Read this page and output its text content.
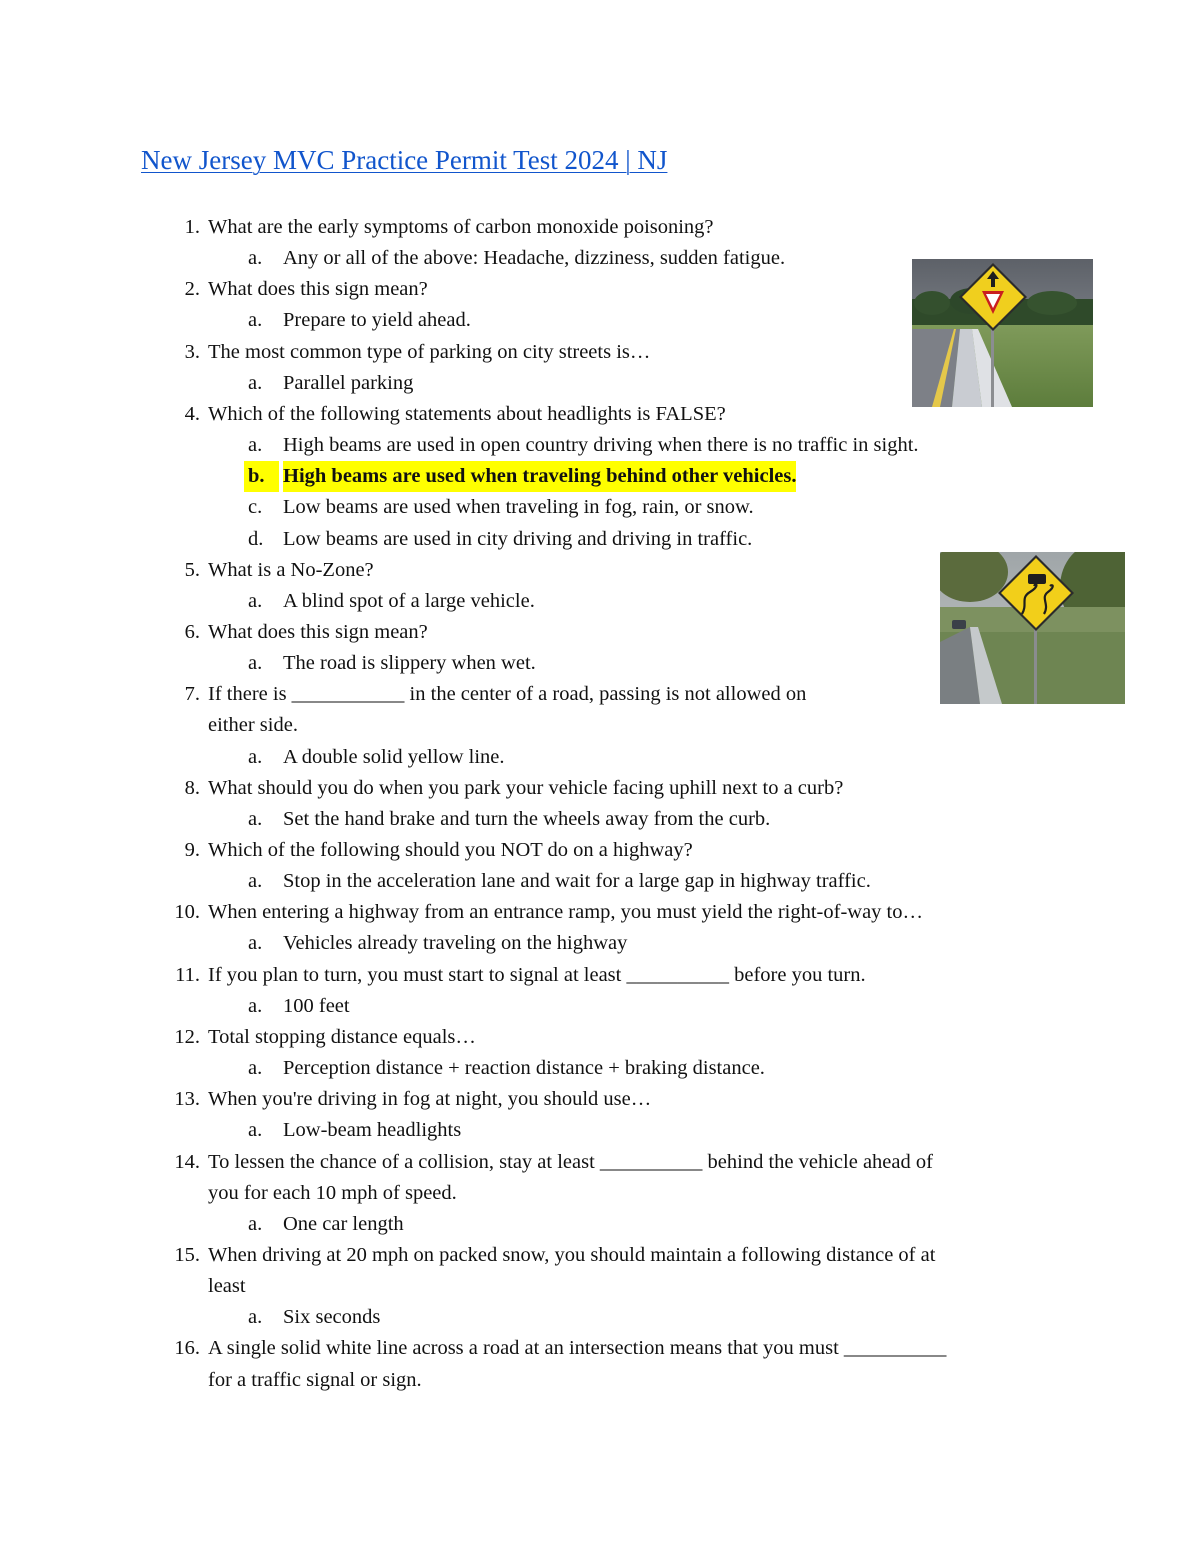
New Jersey MVC Practice Permit Test 2024 | NJ
1. What are the early symptoms of carbon monoxide poisoning?
a. Any or all of the above: Headache, dizziness, sudden fatigue.
2. What does this sign mean?
a. Prepare to yield ahead.
3. The most common type of parking on city streets is…
a. Parallel parking
4. Which of the following statements about headlights is FALSE?
a. High beams are used in open country driving when there is no traffic in sight.
b. High beams are used when traveling behind other vehicles.
c. Low beams are used when traveling in fog, rain, or snow.
d. Low beams are used in city driving and driving in traffic.
5. What is a No-Zone?
a. A blind spot of a large vehicle.
6. What does this sign mean?
a. The road is slippery when wet.
7. If there is ___________ in the center of a road, passing is not allowed on
either side.
a. A double solid yellow line.
8. What should you do when you park your vehicle facing uphill next to a curb?
a. Set the hand brake and turn the wheels away from the curb.
9. Which of the following should you NOT do on a highway?
a. Stop in the acceleration lane and wait for a large gap in highway traffic.
10. When entering a highway from an entrance ramp, you must yield the right-of-way to…
a. Vehicles already traveling on the highway
11. If you plan to turn, you must start to signal at least __________ before you turn.
a. 100 feet
12. Total stopping distance equals…
a. Perception distance + reaction distance + braking distance.
13. When you're driving in fog at night, you should use…
a. Low-beam headlights
14. To lessen the chance of a collision, stay at least __________ behind the vehicle ahead of
you for each 10 mph of speed.
a. One car length
15. When driving at 20 mph on packed snow, you should maintain a following distance of at
least
a. Six seconds
16. A single solid white line across a road at an intersection means that you must __________
for a traffic signal or sign.
